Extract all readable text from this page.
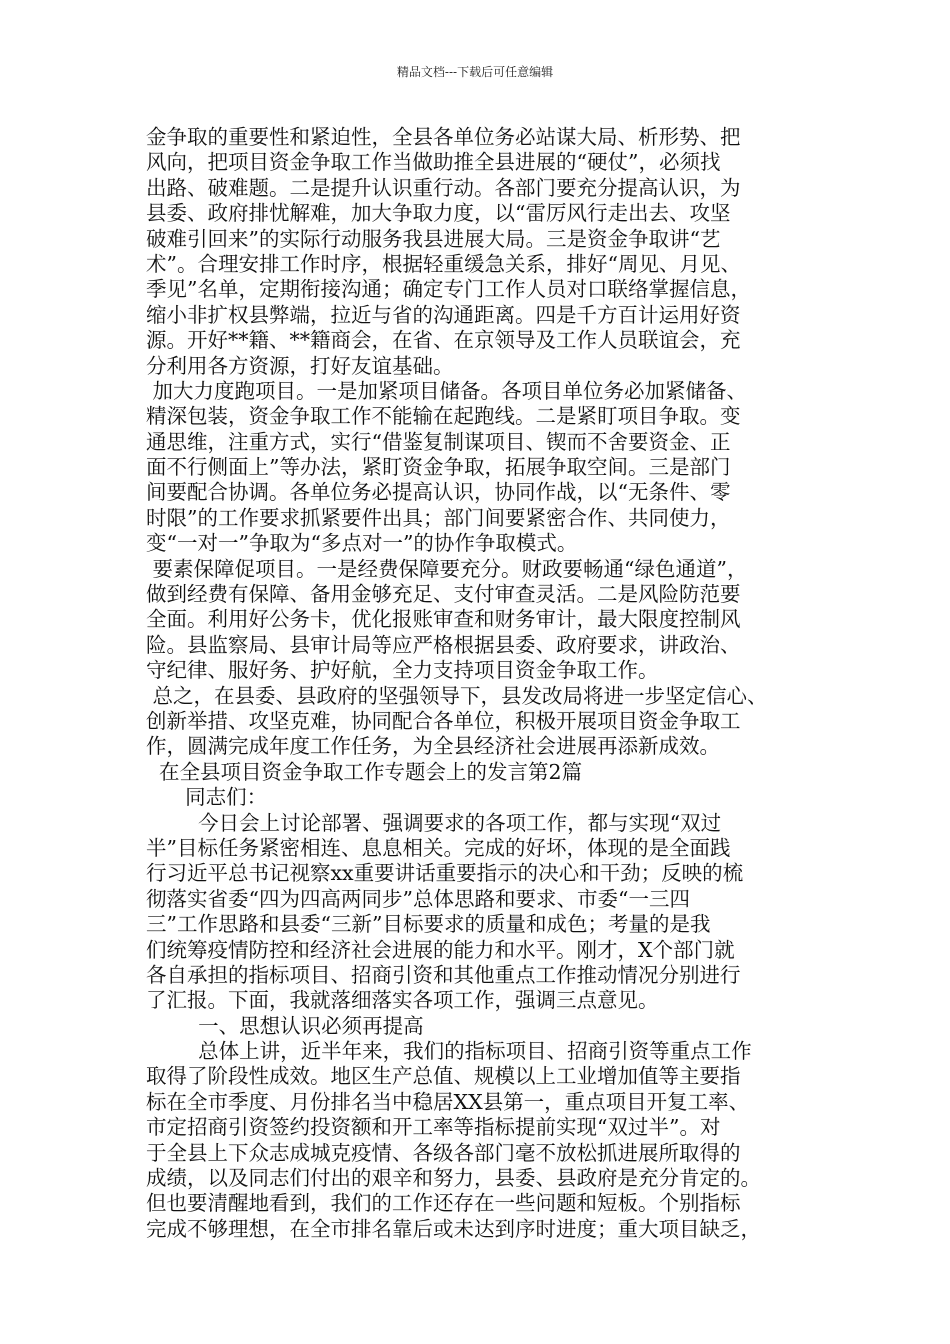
精品文档---下载后可任意编辑
金争取的重要性和紧迫性，全县各单位务必站谋大局、析形势、把
风向，把项目资金争取工作当做助推全县进展的“硬仗”，必须找
出路、破难题。二是提升认识重行动。各部门要充分提高认识，为
县委、政府排忧解难，加大争取力度，以“雷厉风行走出去、攻坚
破难引回来”的实际行动服务我县进展大局。三是资金争取讲“艺
术”。合理安排工作时序，根据轻重缓急关系，排好“周见、月见、
季见”名单，定期衔接沟通；确定专门工作人员对口联络掌握信息，
缩小非扩权县弊端，拉近与省的沟通距离。四是千方百计运用好资
源。开好**籍、**籍商会，在省、在京领导及工作人员联谊会，充
分利用各方资源，打好友谊基础。
加大力度跑项目。一是加紧项目储备。各项目单位务必加紧储备、
精深包装，资金争取工作不能输在起跑线。二是紧盯项目争取。变
通思维，注重方式，实行“借鉴复制谋项目、锲而不舍要资金、正
面不行侧面上”等办法，紧盯资金争取，拓展争取空间。三是部门
间要配合协调。各单位务必提高认识，协同作战，以“无条件、零
时限”的工作要求抓紧要件出具；部门间要紧密合作、共同使力，
变“一对一”争取为“多点对一”的协作争取模式。
要素保障促项目。一是经费保障要充分。财政要畅通“绿色通道”，
做到经费有保障、备用金够充足、支付审查灵活。二是风险防范要
全面。利用好公务卡，优化报账审查和财务审计，最大限度控制风
险。县监察局、县审计局等应严格根据县委、政府要求，讲政治、
守纪律、服好务、护好航，全力支持项目资金争取工作。
总之，在县委、县政府的坚强领导下，县发改局将进一步坚定信心、
创新举措、攻坚克难，协同配合各单位，积极开展项目资金争取工
作，圆满完成年度工作任务，为全县经济社会进展再添新成效。
在全县项目资金争取工作专题会上的发言第2篇
同志们：
今日会上讨论部署、强调要求的各项工作，都与实现“双过
半”目标任务紧密相连、息息相关。完成的好坏，体现的是全面践
行习近平总书记视察xx重要讲话重要指示的决心和干劲；反映的梳
彻落实省委“四为四高两同步”总体思路和要求、市委“一三四
三”工作思路和县委“三新”目标要求的质量和成色；考量的是我
们统筹疫情防控和经济社会进展的能力和水平。刚才，X个部门就
各自承担的指标项目、招商引资和其他重点工作推动情况分别进行
了汇报。下面，我就落细落实各项工作，强调三点意见。
一、思想认识必须再提高
总体上讲，近半年来，我们的指标项目、招商引资等重点工作
取得了阶段性成效。地区生产总值、规模以上工业增加值等主要指
标在全市季度、月份排名当中稳居XX县第一，重点项目开复工率、
市定招商引资签约投资额和开工率等指标提前实现“双过半”。对
于全县上下众志成城克疫情、各级各部门毫不放松抓进展所取得的
成绩，以及同志们付出的艰辛和努力，县委、县政府是充分肯定的。
但也要清醒地看到，我们的工作还存在一些问题和短板。个别指标
完成不够理想，在全市排名靠后或未达到序时进度；重大项目缺乏，
